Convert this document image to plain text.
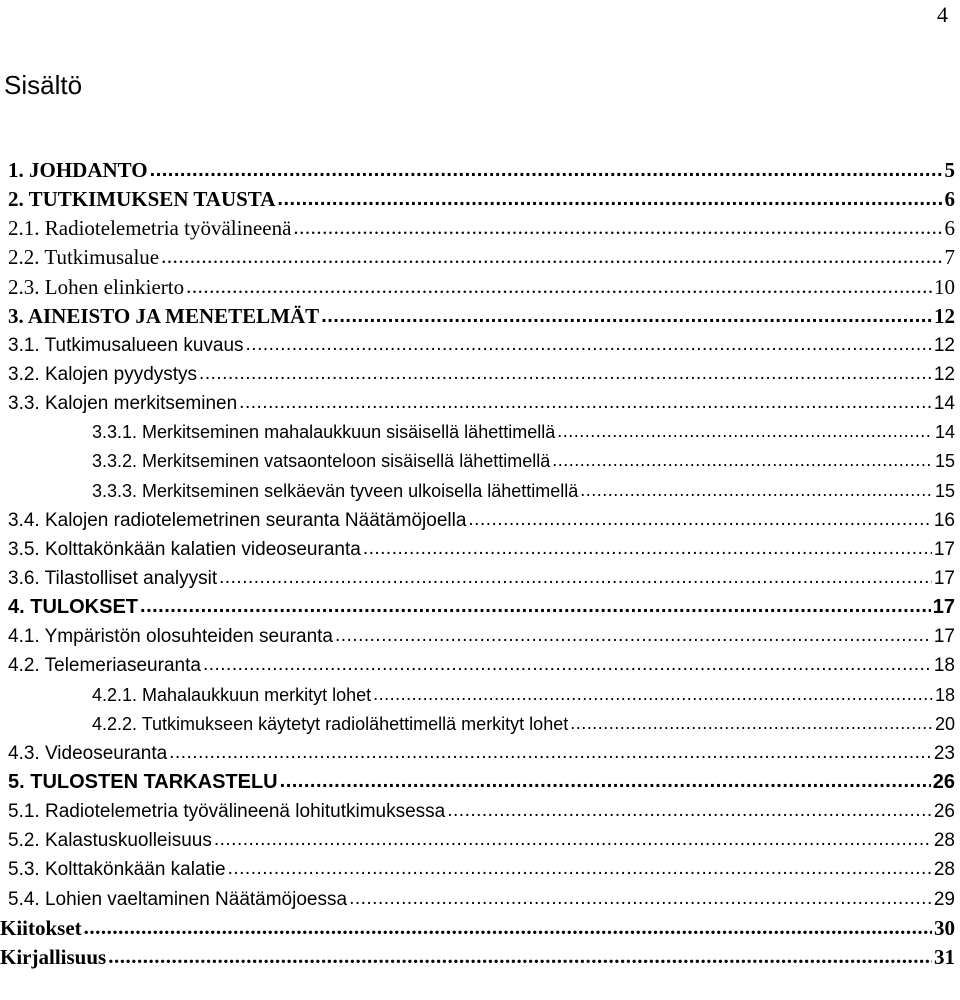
4
Sisältö
1. JOHDANTO .....	5
2. TUTKIMUKSEN TAUSTA .....	6
2.1. Radiotelemetria työvälineenä .....	6
2.2. Tutkimusalue .....	7
2.3. Lohen elinkierto .....	10
3. AINEISTO JA MENETELMÄT .....	12
3.1. Tutkimusalueen kuvaus .....	12
3.2. Kalojen pyydystys .....	12
3.3. Kalojen merkitseminen .....	14
3.3.1. Merkitseminen mahalaukkuun sisäisellä lähettimellä .....	14
3.3.2. Merkitseminen vatsaonteloon sisäisellä lähettimellä .....	15
3.3.3. Merkitseminen selkäevän tyveen ulkoisella lähettimellä .....	15
3.4. Kalojen radiotelemetrinen seuranta Näätämöjoella .....	16
3.5. Kolttakönkään kalatien videoseuranta .....	17
3.6. Tilastolliset analyysit .....	17
4. TULOKSET .....	17
4.1. Ympäristön olosuhteiden seuranta .....	17
4.2. Telemeriaseuranta .....	18
4.2.1. Mahalaukkuun merkityt lohet .....	18
4.2.2. Tutkimukseen käytetyt radiolähettimellä merkityt lohet .....	20
4.3. Videoseuranta .....	23
5. TULOSTEN TARKASTELU .....	26
5.1. Radiotelemetria työvälineenä lohitutkimuksessa .....	26
5.2. Kalastuskuolleisuus .....	28
5.3. Kolttakönkään kalatie .....	28
5.4. Lohien vaeltaminen Näätämöjoessa .....	29
Kiitokset .....	30
Kirjallisuus .....	31
